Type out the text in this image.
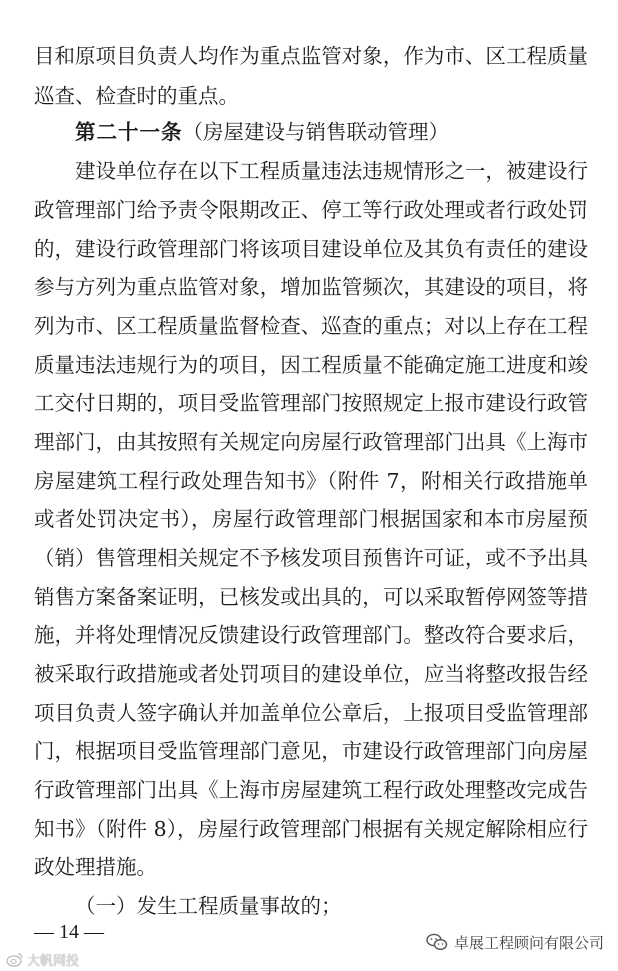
目和原项目负责人均作为重点监管对象，作为市、区工程质量
巡查、检查时的重点。
第二十一条（房屋建设与销售联动管理）
建设单位存在以下工程质量违法违规情形之一，被建设行
政管理部门给予责令限期改正、停工等行政处理或者行政处罚
的，建设行政管理部门将该项目建设单位及其负有责任的建设
参与方列为重点监管对象，增加监管频次，其建设的项目，将
列为市、区工程质量监督检查、巡查的重点；对以上存在工程
质量违法违规行为的项目，因工程质量不能确定施工进度和竣
工交付日期的，项目受监管理部门按照规定上报市建设行政管
理部门，由其按照有关规定向房屋行政管理部门出具《上海市
房屋建筑工程行政处理告知书》（附件 7，附相关行政措施单
或者处罚决定书），房屋行政管理部门根据国家和本市房屋预
（销）售管理相关规定不予核发项目预售许可证，或不予出具
销售方案备案证明，已核发或出具的，可以采取暂停网签等措
施，并将处理情况反馈建设行政管理部门。整改符合要求后，
被采取行政措施或者处罚项目的建设单位，应当将整改报告经
项目负责人签字确认并加盖单位公章后，上报项目受监管理部
门，根据项目受监管理部门意见，市建设行政管理部门向房屋
行政管理部门出具《上海市房屋建筑工程行政处理整改完成告
知书》（附件 8），房屋行政管理部门根据有关规定解除相应行
政处理措施。
（一）发生工程质量事故的；
— 14 —	卓展工程顾问有限公司
大帆网投
